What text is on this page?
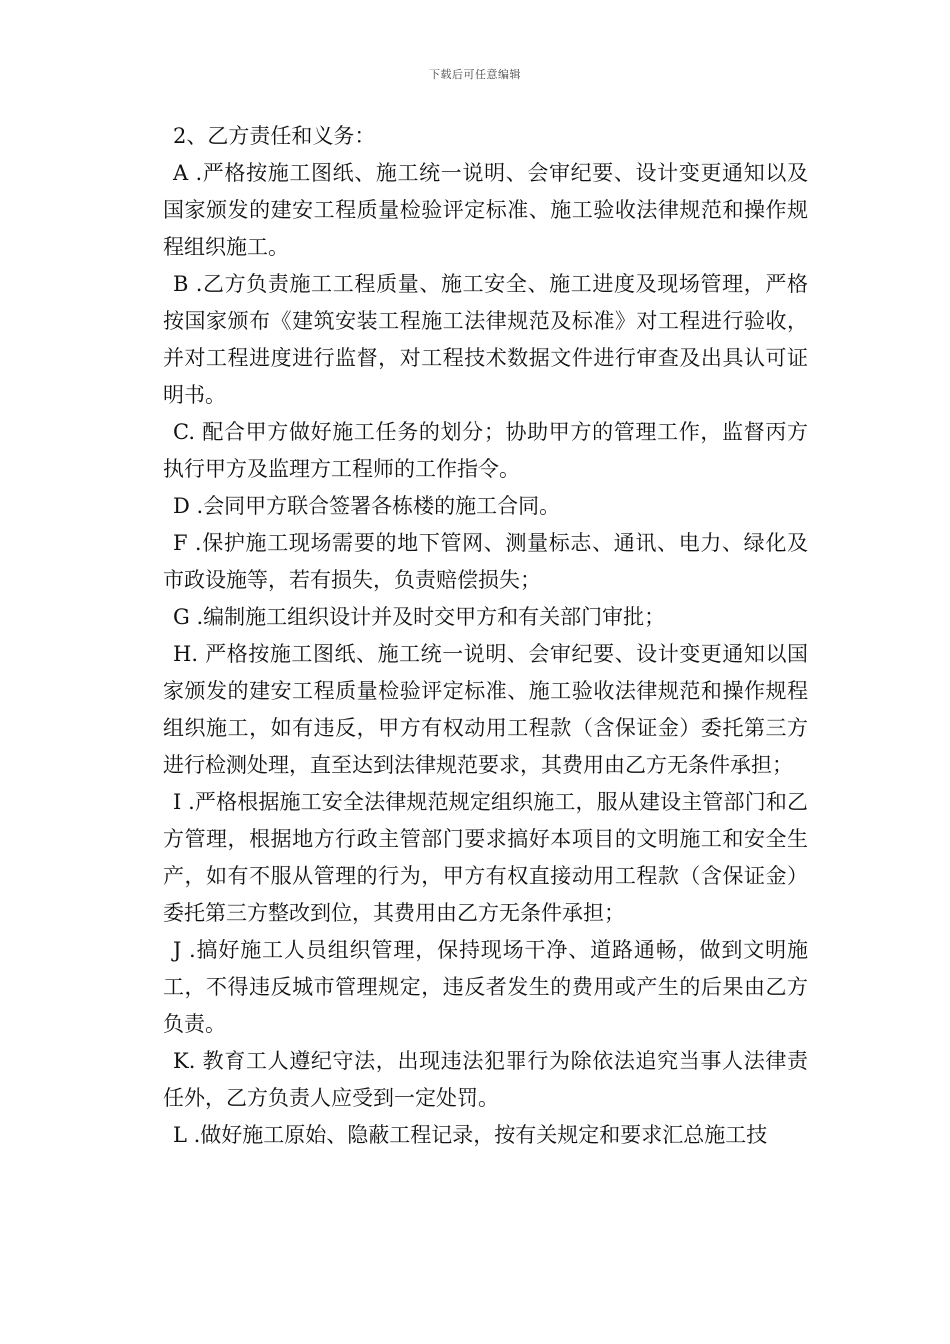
下载后可任意编辑

2、乙方责任和义务：

A .严格按施工图纸、施工统一说明、会审纪要、设计变更通知以及国家颁发的建安工程质量检验评定标准、施工验收法律规范和操作规程组织施工。

B .乙方负责施工工程质量、施工安全、施工进度及现场管理，严格按国家颁布《建筑安装工程施工法律规范及标准》对工程进行验收，并对工程进度进行监督，对工程技术数据文件进行审查及出具认可证明书。

C. 配合甲方做好施工任务的划分；协助甲方的管理工作，监督丙方执行甲方及监理方工程师的工作指令。

D .会同甲方联合签署各栋楼的施工合同。

F .保护施工现场需要的地下管网、测量标志、通讯、电力、绿化及市政设施等，若有损失，负责赔偿损失；

G .编制施工组织设计并及时交甲方和有关部门审批；

H. 严格按施工图纸、施工统一说明、会审纪要、设计变更通知以国家颁发的建安工程质量检验评定标准、施工验收法律规范和操作规程组织施工，如有违反，甲方有权动用工程款（含保证金）委托第三方进行检测处理，直至达到法律规范要求，其费用由乙方无条件承担；

I .严格根据施工安全法律规范规定组织施工，服从建设主管部门和乙方管理，根据地方行政主管部门要求搞好本项目的文明施工和安全生产，如有不服从管理的行为，甲方有权直接动用工程款（含保证金）委托第三方整改到位，其费用由乙方无条件承担；

J .搞好施工人员组织管理，保持现场干净、道路通畅，做到文明施工，不得违反城市管理规定，违反者发生的费用或产生的后果由乙方负责。

K. 教育工人遵纪守法，出现违法犯罪行为除依法追究当事人法律责任外，乙方负责人应受到一定处罚。

L .做好施工原始、隐蔽工程记录，按有关规定和要求汇总施工技
